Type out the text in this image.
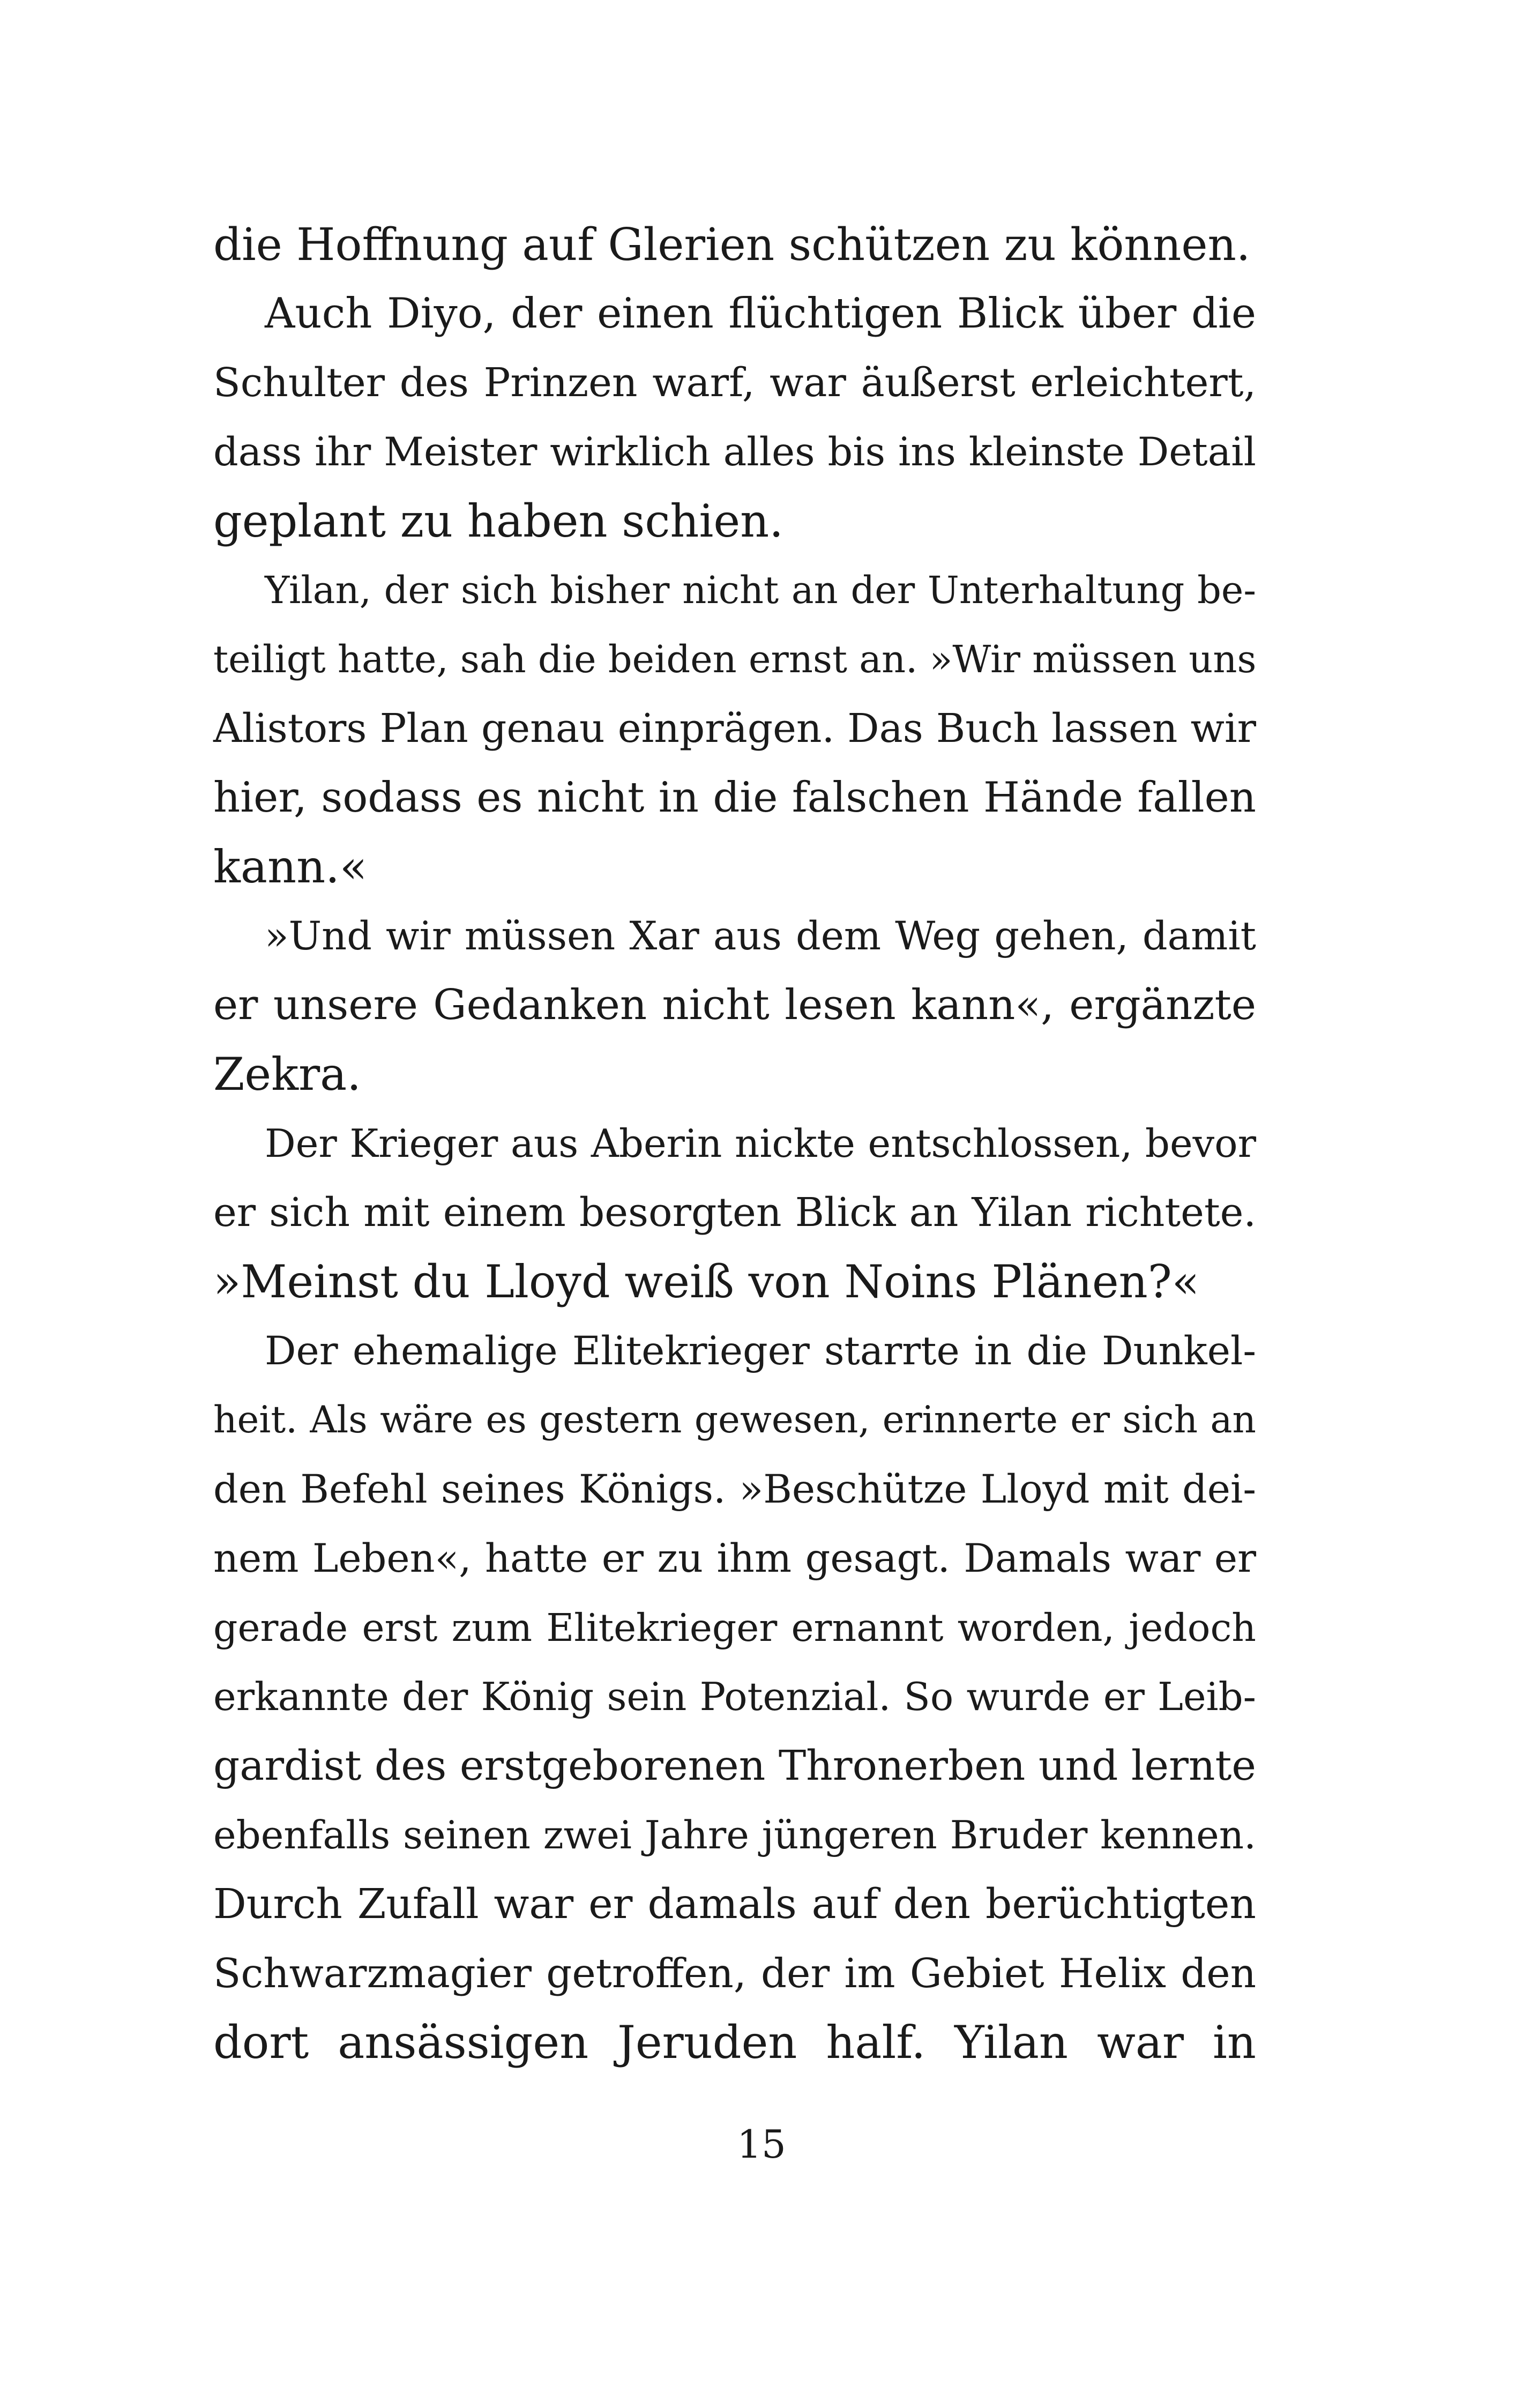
die Hoffnung auf Glerien schützen zu können.
Auch Diyo, der einen flüchtigen Blick über die
Schulter des Prinzen warf, war äußerst erleichtert,
dass ihr Meister wirklich alles bis ins kleinste Detail
geplant zu haben schien.
Yilan, der sich bisher nicht an der Unterhaltung be-
teiligt hatte, sah die beiden ernst an. »Wir müssen uns
Alistors Plan genau einprägen. Das Buch lassen wir
hier, sodass es nicht in die falschen Hände fallen
kann.«
»Und wir müssen Xar aus dem Weg gehen, damit
er unsere Gedanken nicht lesen kann«, ergänzte
Zekra.
Der Krieger aus Aberin nickte entschlossen, bevor
er sich mit einem besorgten Blick an Yilan richtete.
»Meinst du Lloyd weiß von Noins Plänen?«
Der ehemalige Elitekrieger starrte in die Dunkel-
heit. Als wäre es gestern gewesen, erinnerte er sich an
den Befehl seines Königs. »Beschütze Lloyd mit dei-
nem Leben«, hatte er zu ihm gesagt. Damals war er
gerade erst zum Elitekrieger ernannt worden, jedoch
erkannte der König sein Potenzial. So wurde er Leib-
gardist des erstgeborenen Thronerben und lernte
ebenfalls seinen zwei Jahre jüngeren Bruder kennen.
Durch Zufall war er damals auf den berüchtigten
Schwarzmagier getroffen, der im Gebiet Helix den
dort ansässigen Jeruden half. Yilan war in
15
